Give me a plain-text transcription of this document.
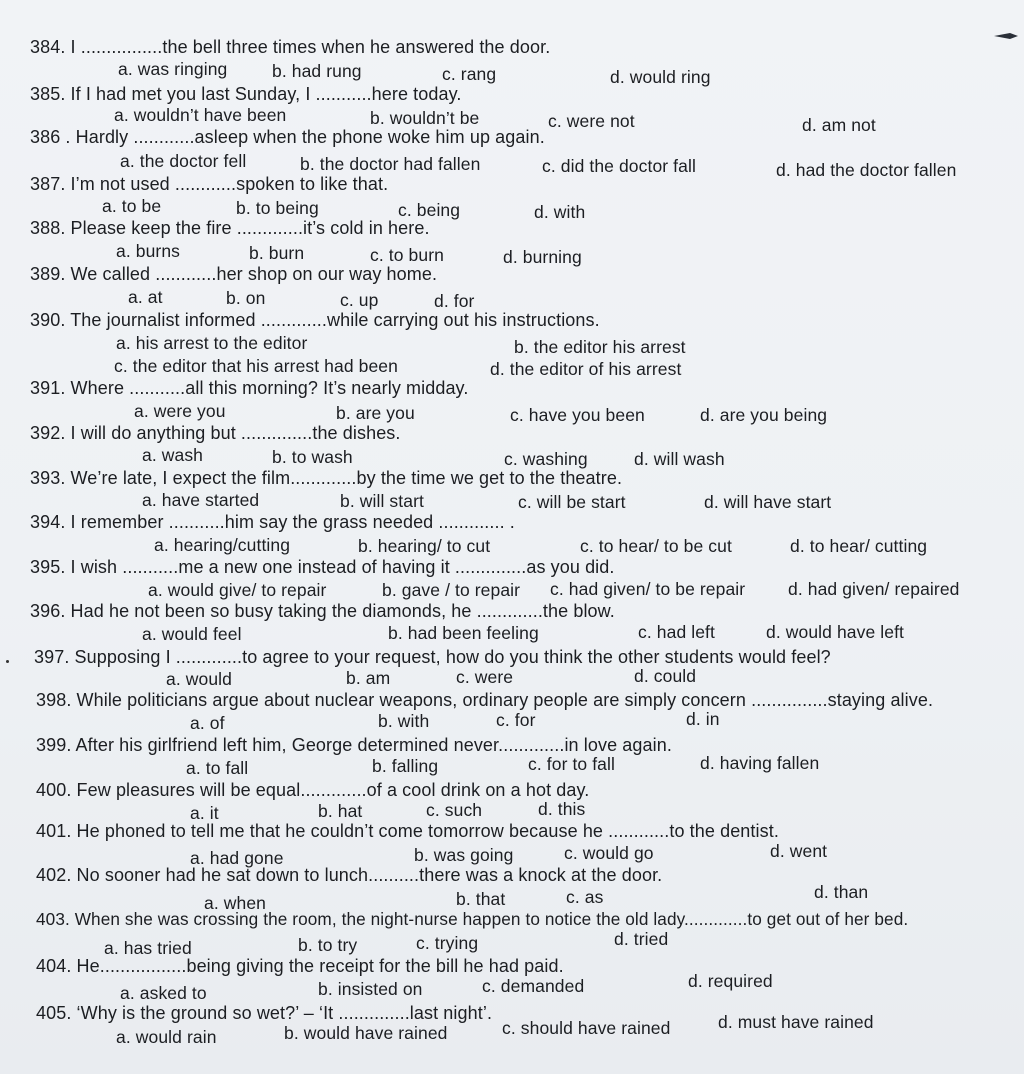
384. I ................the bell three times when he answered the door.
a. was ringing	b. had rung	c. rang	d. would ring
385. If I had met you last Sunday, I ...........here today.
a. wouldn’t have been	b. wouldn’t be	c. were not	d. am not
386 . Hardly ............asleep when the phone woke him up again.
a. the doctor fell	b. the doctor had fallen	c. did the doctor fall	d. had the doctor fallen
387. I’m not used ............spoken to like that.
a. to be	b. to being	c. being	d. with
388. Please keep the fire .............it’s cold in here.
a. burns	b. burn	c. to burn	d. burning
389. We called ............her shop on our way home.
a. at	b. on	c. up	d. for
390. The journalist informed .............while carrying out his instructions.
a. his arrest to the editor	b. the editor his arrest
c. the editor that his arrest had been	d. the editor of his arrest
391. Where ...........all this morning? It’s nearly midday.
a. were you	b. are you	c. have you been	d. are you being
392. I will do anything but ..............the dishes.
a. wash	b. to wash	c. washing	d. will wash
393. We’re late, I expect the film.............by the time we get to the theatre.
a. have started	b. will start	c. will be start	d. will have start
394. I remember ...........him say the grass needed ............. .
a. hearing/cutting	b. hearing/ to cut	c. to hear/ to be cut	d. to hear/ cutting
395. I wish ...........me a new one instead of having it ..............as you did.
a. would give/ to repair	b. gave / to repair c. had given/ to be repair d. had given/ repaired
396. Had he not been so busy taking the diamonds, he .............the blow.
a. would feel	b. had been feeling	c. had left	d. would have left
397. Supposing I .............to agree to your request, how do you think the other students would feel?
a. would	b. am	c. were	d. could
398. While politicians argue about nuclear weapons, ordinary people are simply concern ...............staying alive.
a. of	b. with	c. for	d. in
399. After his girlfriend left him, George determined never.............in love again.
a. to fall	b. falling	c. for to fall	d. having fallen
400. Few pleasures will be equal.............of a cool drink on a hot day.
a. it	b. hat	c. such	d. this
401. He phoned to tell me that he couldn’t come tomorrow because he ............to the dentist.
a. had gone	b. was going	c. would go	d. went
402. No sooner had he sat down to lunch..........there was a knock at the door.
a. when	b. that	c. as	d. than
403. When she was crossing the room, the night-nurse happen to notice the old lady.............to get out of her bed.
a. has tried	b. to try	c. trying	d. tried
404. He.................being giving the receipt for the bill he had paid.
a. asked to	b. insisted on	c. demanded	d. required
405. ‘Why is the ground so wet?’ – ‘It ..............last night’.
a. would rain	b. would have rained	c. should have rained	d. must have rained
